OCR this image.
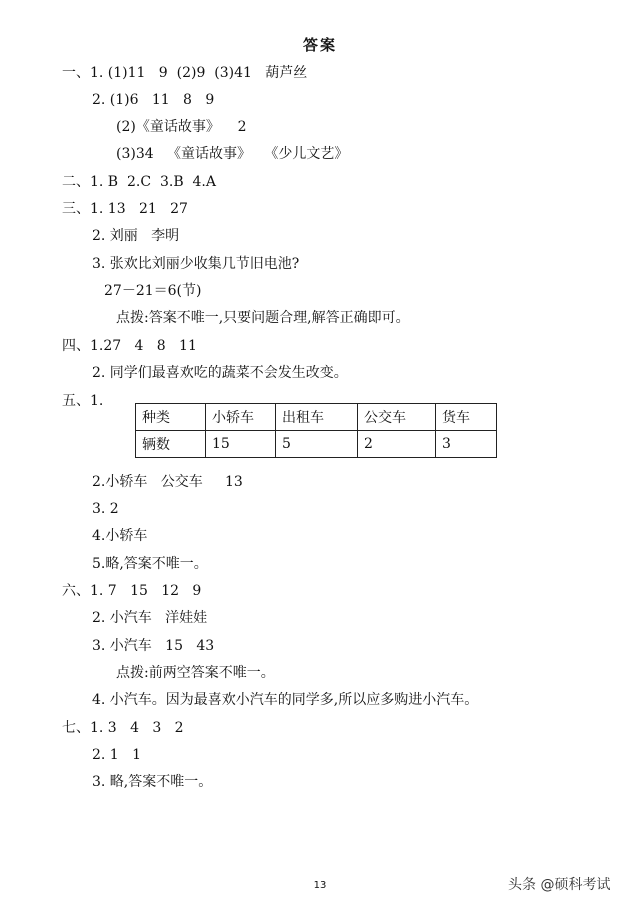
答案
一、1. (1)11   9  (2)9  (3)41   葫芦丝
2. (1)6   11   8   9
(2)《童话故事》    2
(3)34   《童话故事》   《少儿文艺》
二、1. B  2.C  3.B  4.A
三、1. 13   21   27
2. 刘丽   李明
3. 张欢比刘丽少收集几节旧电池?
27－21＝6(节)
点拨:答案不唯一,只要问题合理,解答正确即可。
四、1.27   4   8   11
2. 同学们最喜欢吃的蔬菜不会发生改变。
五、1.
种类	小轿车	出租车	公交车	货车
辆数	15	5	2	3
2.小轿车   公交车     13
3. 2
4.小轿车
5.略,答案不唯一。
六、1. 7   15   12   9
2. 小汽车   洋娃娃
3. 小汽车   15   43
点拨:前两空答案不唯一。
4. 小汽车。因为最喜欢小汽车的同学多,所以应多购进小汽车。
七、1. 3   4   3   2
2. 1   1
3. 略,答案不唯一。
13	头条 @硕科考试
